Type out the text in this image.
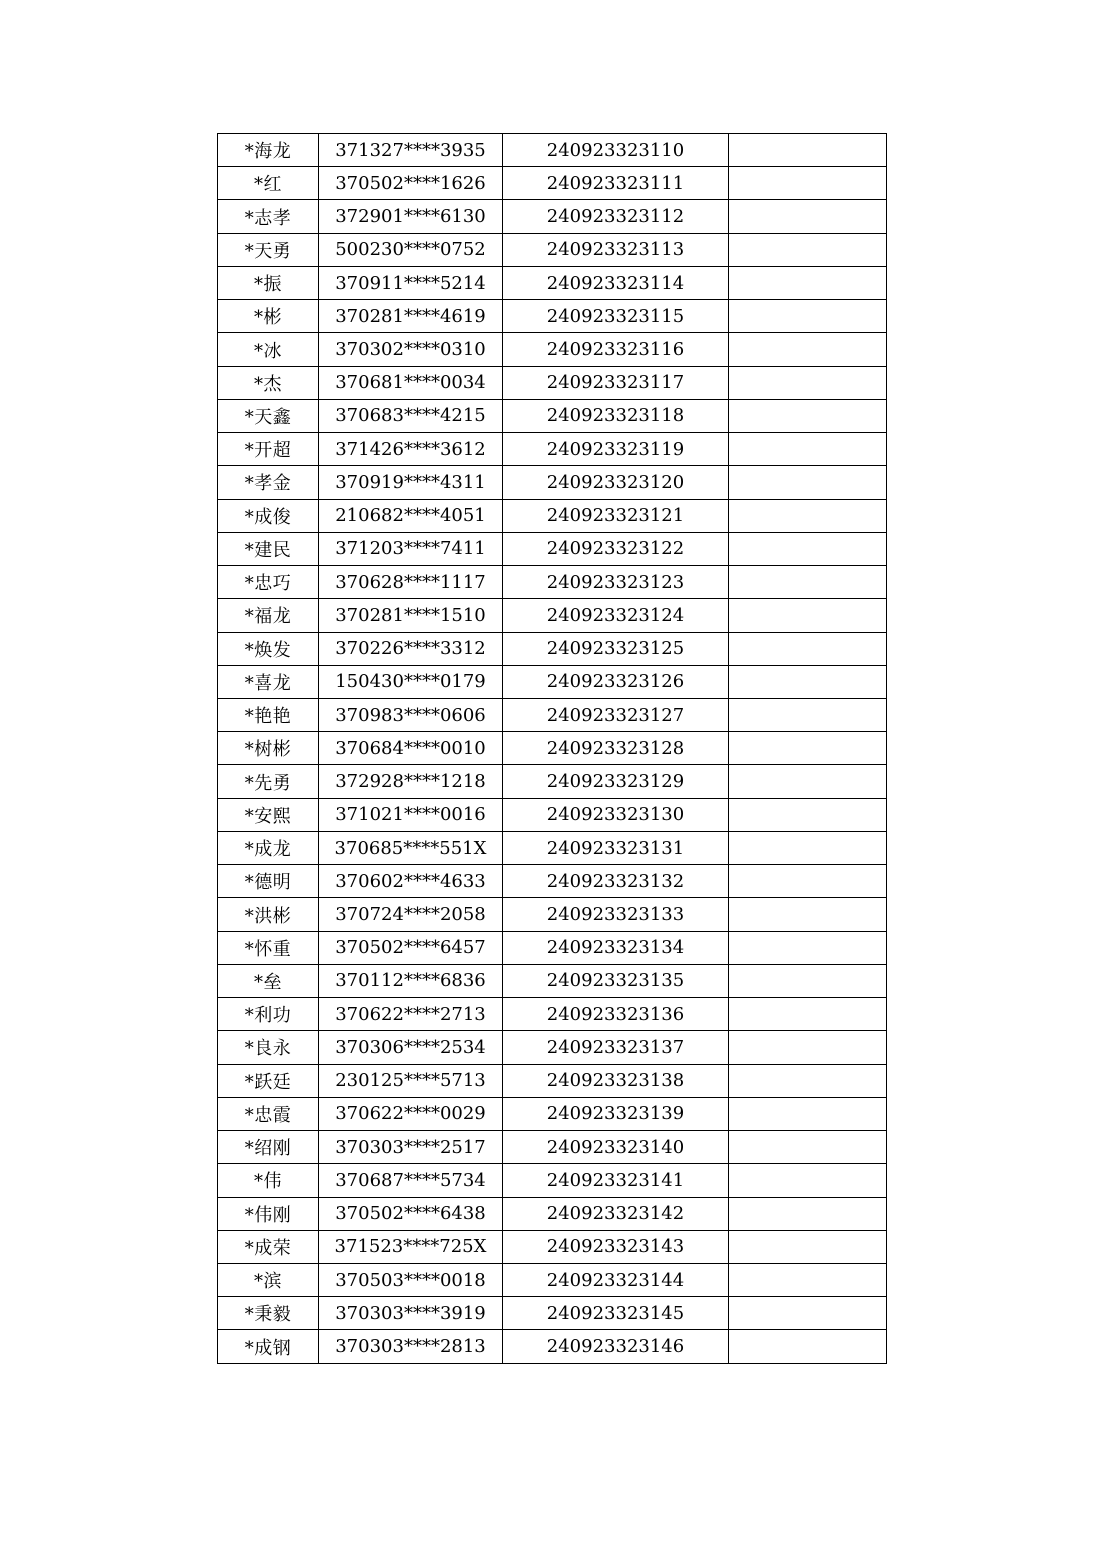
*海龙	371327****3935	240923323110	
*红	370502****1626	240923323111	
*志孝	372901****6130	240923323112	
*天勇	500230****0752	240923323113	
*振	370911****5214	240923323114	
*彬	370281****4619	240923323115	
*冰	370302****0310	240923323116	
*杰	370681****0034	240923323117	
*天鑫	370683****4215	240923323118	
*开超	371426****3612	240923323119	
*孝金	370919****4311	240923323120	
*成俊	210682****4051	240923323121	
*建民	371203****7411	240923323122	
*忠巧	370628****1117	240923323123	
*福龙	370281****1510	240923323124	
*焕发	370226****3312	240923323125	
*喜龙	150430****0179	240923323126	
*艳艳	370983****0606	240923323127	
*树彬	370684****0010	240923323128	
*先勇	372928****1218	240923323129	
*安熙	371021****0016	240923323130	
*成龙	370685****551X	240923323131	
*德明	370602****4633	240923323132	
*洪彬	370724****2058	240923323133	
*怀重	370502****6457	240923323134	
*垒	370112****6836	240923323135	
*利功	370622****2713	240923323136	
*良永	370306****2534	240923323137	
*跃廷	230125****5713	240923323138	
*忠霞	370622****0029	240923323139	
*绍刚	370303****2517	240923323140	
*伟	370687****5734	240923323141	
*伟刚	370502****6438	240923323142	
*成荣	371523****725X	240923323143	
*滨	370503****0018	240923323144	
*秉毅	370303****3919	240923323145	
*成钢	370303****2813	240923323146	
